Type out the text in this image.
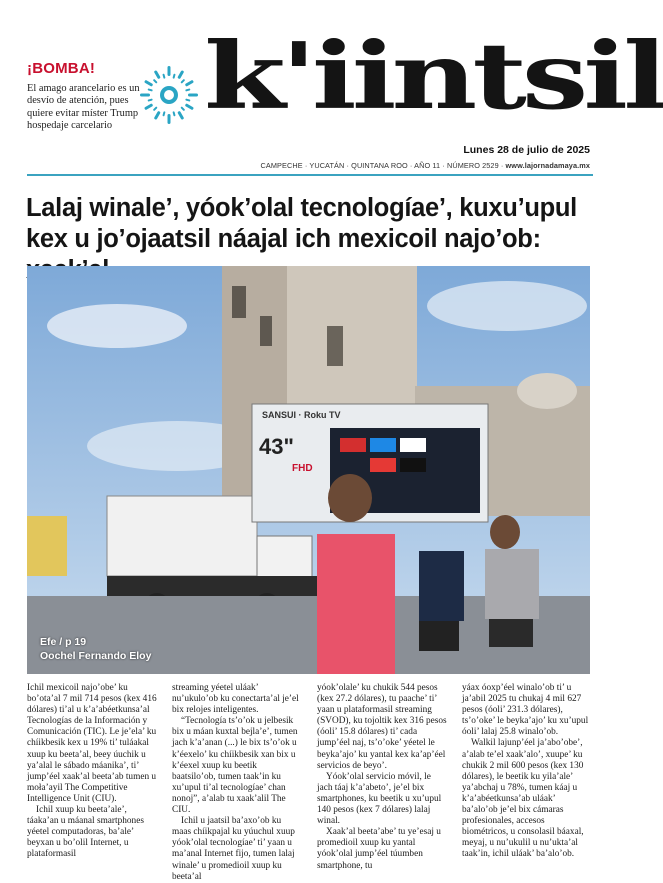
¡BOMBA!
El amago arancelario es un desvío de atención, pues quiere evitar míster Trump hospedaje carcelario k'iintsil
Lunes 28 de julio de 2025
CAMPECHE · YUCATÁN · QUINTANA ROO · AÑO 11 · NÚMERO 2529 · www.lajornadamaya.mx
Lalaj winale’, yóok’olal tecnologíae’, kuxu’upul kex u jo’ojaatsil náajal ich mexicoil najo’ob:
SANSUI · Roku TV
43"
FHD
Efe / p 19
Oochel Fernando Eloy

Ichil mexicoil najo’obe’ ku bo’ota’al 7 mil 714 pesos (kex 416 dólares) ti’al u k’a’abéetkunsa’al Tecnologías de la Información y Comunicación (TIC). Le je’ela’ ku chíikbesik kex u 19% ti’ tuláakal xuup ku beeta’al, beey úuchik u ya’alal le sábado máanika’, ti’ jump’éel xaak’al beeta’ab tumen u moła’ayil The Competitive Intelligence Unit (CIU).

Ichil xuup ku beeta’ale’, táaka’an u máanal smartphones yéetel computadoras, ba’ale’ beyxan u bo’olil Internet, u plataformasil

streaming yéetel uláak’ nu’ukulo’ob ku conectarta’al je’el bix relojes inteligentes.

“Tecnología ts’o’ok u jelbesik bix u máan kuxtal bejla’e’, tumen jach k’a’anan (...) le bix ts’o’ok u k’éexelo’ ku chíikbesik xan bix u k’éexel xuup ku beetik baatsilo’ob, tumen taak’in ku xu’upul ti’al tecnologíae’ chan nonoj”, a’alab tu xaak’alil The CIU.

Ichil u jaatsil ba’axo’ob ku maas chíikpajal ku yúuchul xuup yóok’olal tecnologíae’ ti’ yaan u ma’anal Internet fijo, tumen lalaj winale’ u promedioil xuup ku beeta’al

yóok’olale’ ku chukik 544 pesos (kex 27.2 dólares), tu paache’ ti’ yaan u plataformasil streaming (SVOD), ku tojoltik kex 316 pesos (óoli’ 15.8 dólares) ti’ cada jump’éel naj, ts’o’oke’ yéetel le beyka’ajo’ ku yantal kex ka’ap’éel servicios de beyo’.

Yóok’olal servicio móvil, le jach táaj k’a’abeto’, je’el bix smartphones, ku beetik u xu’upul 140 pesos (kex 7 dólares) lalaj winal.

Xaak’al beeta’abe’ tu ye’esaj u promedioil xuup ku yantal yóok’olal jump’éel túumben smartphone, tu

yáax óoxp’éel winalo’ob ti’ u ja’abil 2025 tu chukaj 4 mil 627 pesos (óoli’ 231.3 dólares), ts’o’oke’ le beyka’ajo’ ku xu’upul óoli’ lalaj 25.8 winalo’ob.

Walkil lajunp’éel ja’abo’obe’, a’alab te’el xaak’alo’, xuupe’ ku chukik 2 mil 600 pesos (kex 130 dólares), le beetik ku yila’ale’ ya’abchaj u 78%, tumen káaj u k’a’abéetkunsa’ab uláak’ ba’alo’ob je’el bix cámaras profesionales, accesos biométricos, u consolasil báaxal, meyaj, u nu’ukulil u nu’ukta’al taak’in, ichil uláak’ ba’alo’ob.
